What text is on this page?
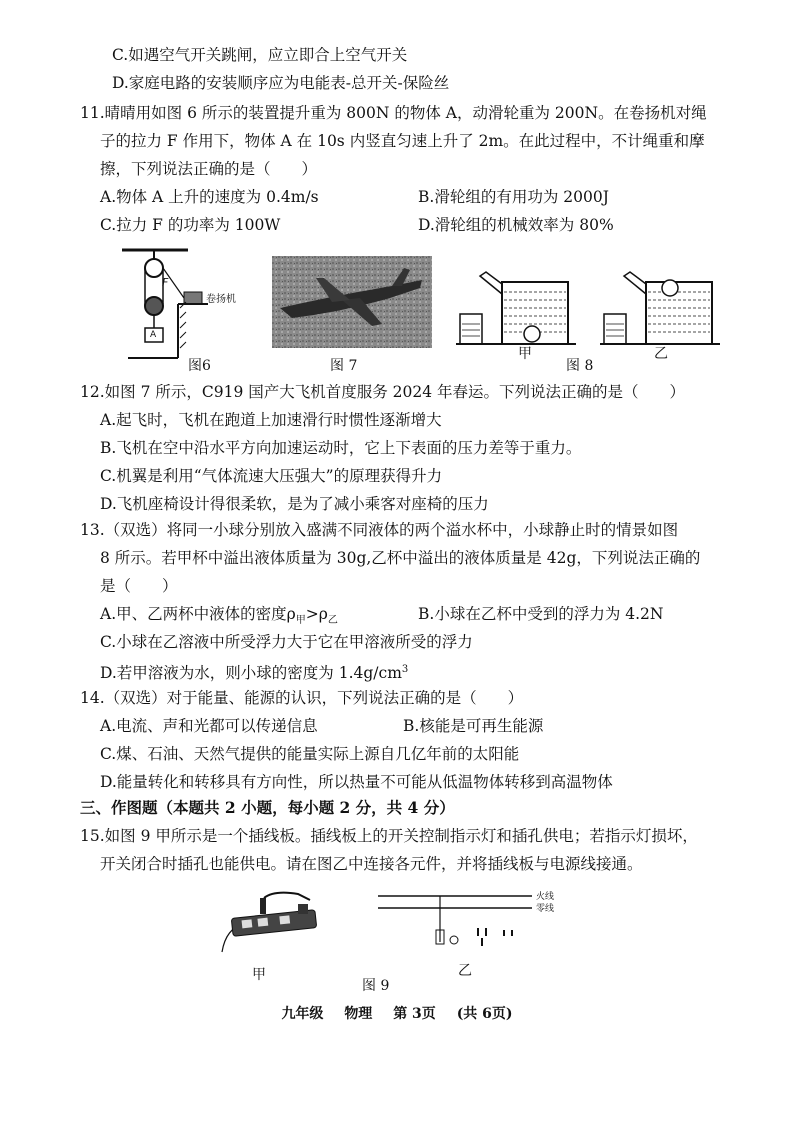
C.如遇空气开关跳闸，应立即合上空气开关
D.家庭电路的安装顺序应为电能表-总开关-保险丝
11.晴晴用如图 6 所示的装置提升重为 800N 的物体 A，动滑轮重为 200N。在卷扬机对绳
子的拉力 F 作用下，物体 A 在 10s 内竖直匀速上升了 2m。在此过程中，不计绳重和摩
擦，下列说法正确的是（　　）
A.物体 A 上升的速度为 0.4m/s	B.滑轮组的有用功为 2000J
C.拉力 F 的功率为 100W	D.滑轮组的机械效率为 80%
F
卷扬机
A
图6	图 7
甲
图 8
乙
12.如图 7 所示，C919 国产大飞机首度服务 2024 年春运。下列说法正确的是（　　）
A.起飞时，飞机在跑道上加速滑行时惯性逐渐增大
B.飞机在空中沿水平方向加速运动时，它上下表面的压力差等于重力。
C.机翼是利用“气体流速大压强大”的原理获得升力
D.飞机座椅设计得很柔软，是为了减小乘客对座椅的压力
13.（双选）将同一小球分别放入盛满不同液体的两个溢水杯中，小球静止时的情景如图
8 所示。若甲杯中溢出液体质量为 30g,乙杯中溢出的液体质量是 42g，下列说法正确的
是（　　）
A.甲、乙两杯中液体的密度$\rho_甲>\rho_乙$	B.小球在乙杯中受到的浮力为 4.2N
C.小球在乙溶液中所受浮力大于它在甲溶液所受的浮力
D.若甲溶液为水，则小球的密度为 $1.4g/cm^3$
14.（双选）对于能量、能源的认识，下列说法正确的是（　　）
A.电流、声和光都可以传递信息	B.核能是可再生能源
C.煤、石油、天然气提供的能量实际上源自几亿年前的太阳能
D.能量转化和转移具有方向性，所以热量不可能从低温物体转移到高温物体
三、作图题（本题共 2 小题，每小题 2 分，共 4 分）
15.如图 9 甲所示是一个插线板。插线板上的开关控制指示灯和插孔供电；若指示灯损坏，
开关闭合时插孔也能供电。请在图乙中连接各元件，并将插线板与电源线接通。
甲
火线
零线
乙
图 9
九年级 物理 第 3页 (共 6页)
